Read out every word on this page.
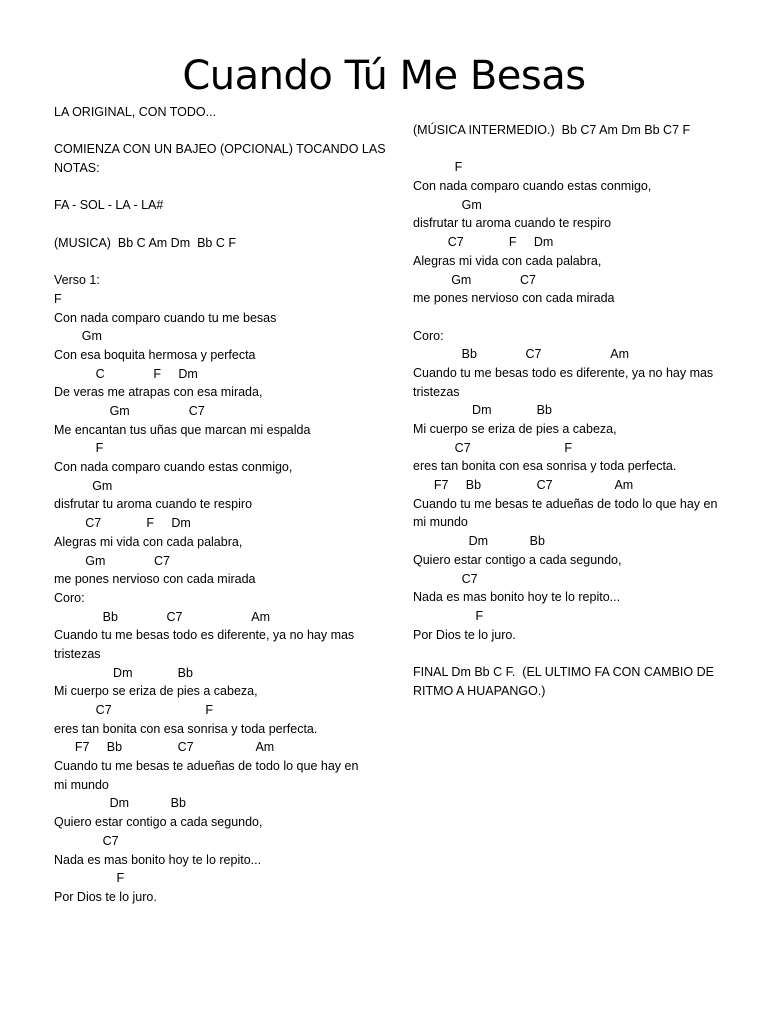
Cuando Tú Me Besas
LA ORIGINAL, CON TODO...
COMIENZA CON UN BAJEO (OPCIONAL) TOCANDO LAS
NOTAS:
FA - SOL - LA - LA#
(MUSICA)  Bb C Am Dm  Bb C F
Verso 1:
F
Con nada comparo cuando tu me besas
Gm
Con esa boquita hermosa y perfecta
C              F     Dm
De veras me atrapas con esa mirada,
Gm                 C7
Me encantan tus uñas que marcan mi espalda
F
Con nada comparo cuando estas conmigo,
Gm
disfrutar tu aroma cuando te respiro
C7             F     Dm
Alegras mi vida con cada palabra,
Gm              C7
me pones nervioso con cada mirada
Coro:
Bb              C7                    Am
Cuando tu me besas todo es diferente, ya no hay mas
tristezas
Dm             Bb
Mi cuerpo se eriza de pies a cabeza,
C7                           F
eres tan bonita con esa sonrisa y toda perfecta.
F7     Bb                C7                  Am
Cuando tu me besas te adueñas de todo lo que hay en
mi mundo
Dm            Bb
Quiero estar contigo a cada segundo,
C7
Nada es mas bonito hoy te lo repito...
F
Por Dios te lo juro.
(MÚSICA INTERMEDIO.)  Bb C7 Am Dm Bb C7 F
F
Con nada comparo cuando estas conmigo,
Gm
disfrutar tu aroma cuando te respiro
C7             F     Dm
Alegras mi vida con cada palabra,
Gm              C7
me pones nervioso con cada mirada
Coro:
Bb              C7                    Am
Cuando tu me besas todo es diferente, ya no hay mas
tristezas
Dm             Bb
Mi cuerpo se eriza de pies a cabeza,
C7                           F
eres tan bonita con esa sonrisa y toda perfecta.
F7     Bb                C7                  Am
Cuando tu me besas te adueñas de todo lo que hay en
mi mundo
Dm            Bb
Quiero estar contigo a cada segundo,
C7
Nada es mas bonito hoy te lo repito...
F
Por Dios te lo juro.
FINAL Dm Bb C F.  (EL ULTIMO FA CON CAMBIO DE
RITMO A HUAPANGO.)
